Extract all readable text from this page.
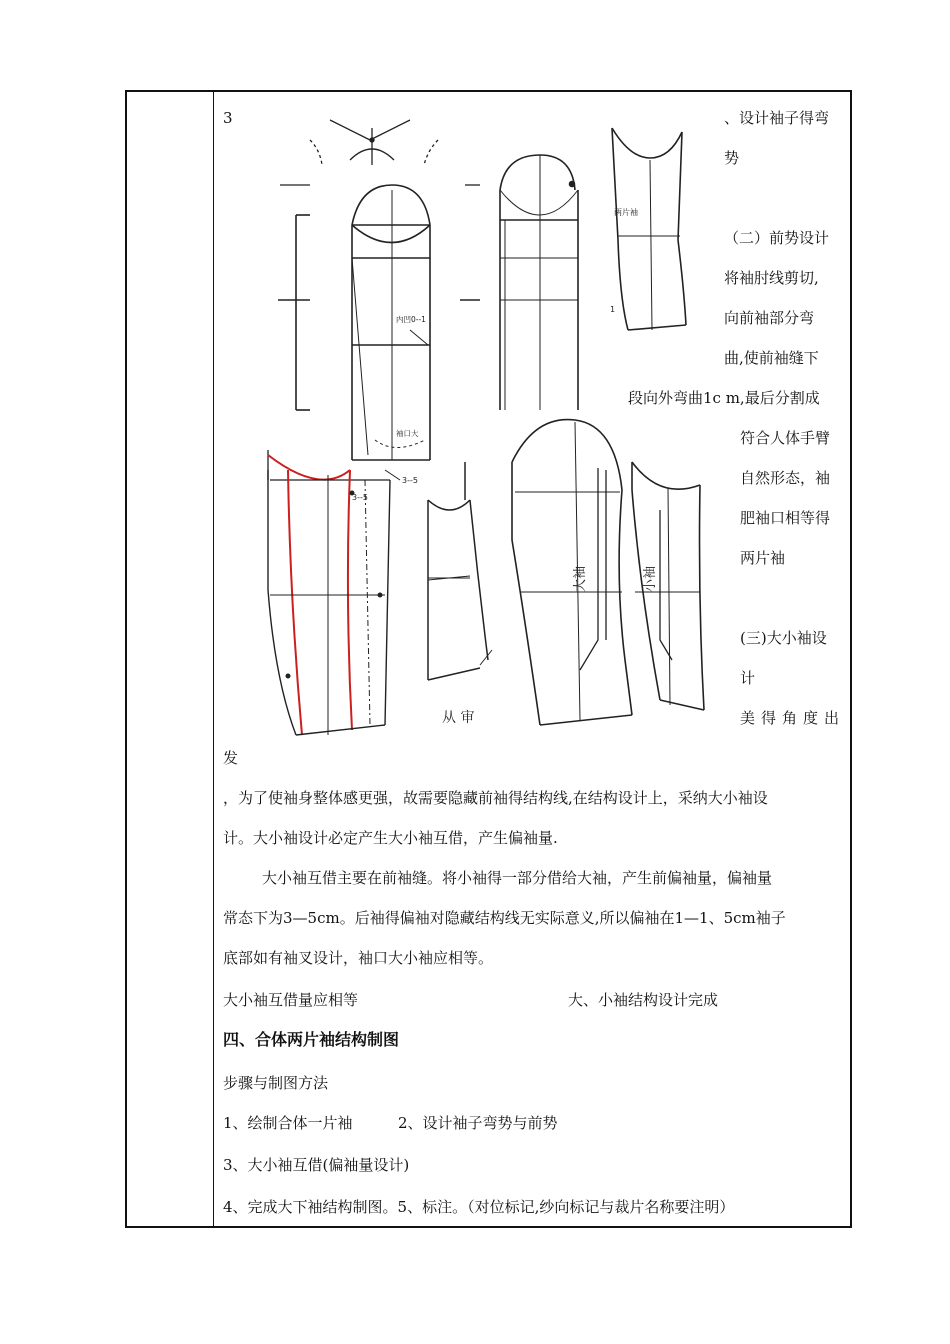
3	、设计袖子得弯
势
（二）前势设计
将袖肘线剪切,
向前袖部分弯
曲,使前袖缝下
段向外弯曲1c m,最后分割成
符合人体手臂
自然形态，袖
肥袖口相等得
两片袖
(三)大小袖设
计
美得角度出
两片袖
内凹0--1
袖口大
1
3--5
3--5
大袖	小袖
从 审
发
，为了使袖身整体感更强，故需要隐藏前袖得结构线,在结构设计上，采纳大小袖设
计。大小袖设计必定产生大小袖互借，产生偏袖量.
大小袖互借主要在前袖缝。将小袖得一部分借给大袖，产生前偏袖量，偏袖量
常态下为3—5cm。后袖得偏袖对隐藏结构线无实际意义,所以偏袖在1—1、5cm袖子
底部如有袖叉设计，袖口大小袖应相等。
大小袖互借量应相等	大、小袖结构设计完成
四、合体两片袖结构制图
步骤与制图方法
1、绘制合体一片袖	2、设计袖子弯势与前势
3、大小袖互借(偏袖量设计)
4、完成大下袖结构制图。5、标注。（对位标记,纱向标记与裁片名称要注明）
